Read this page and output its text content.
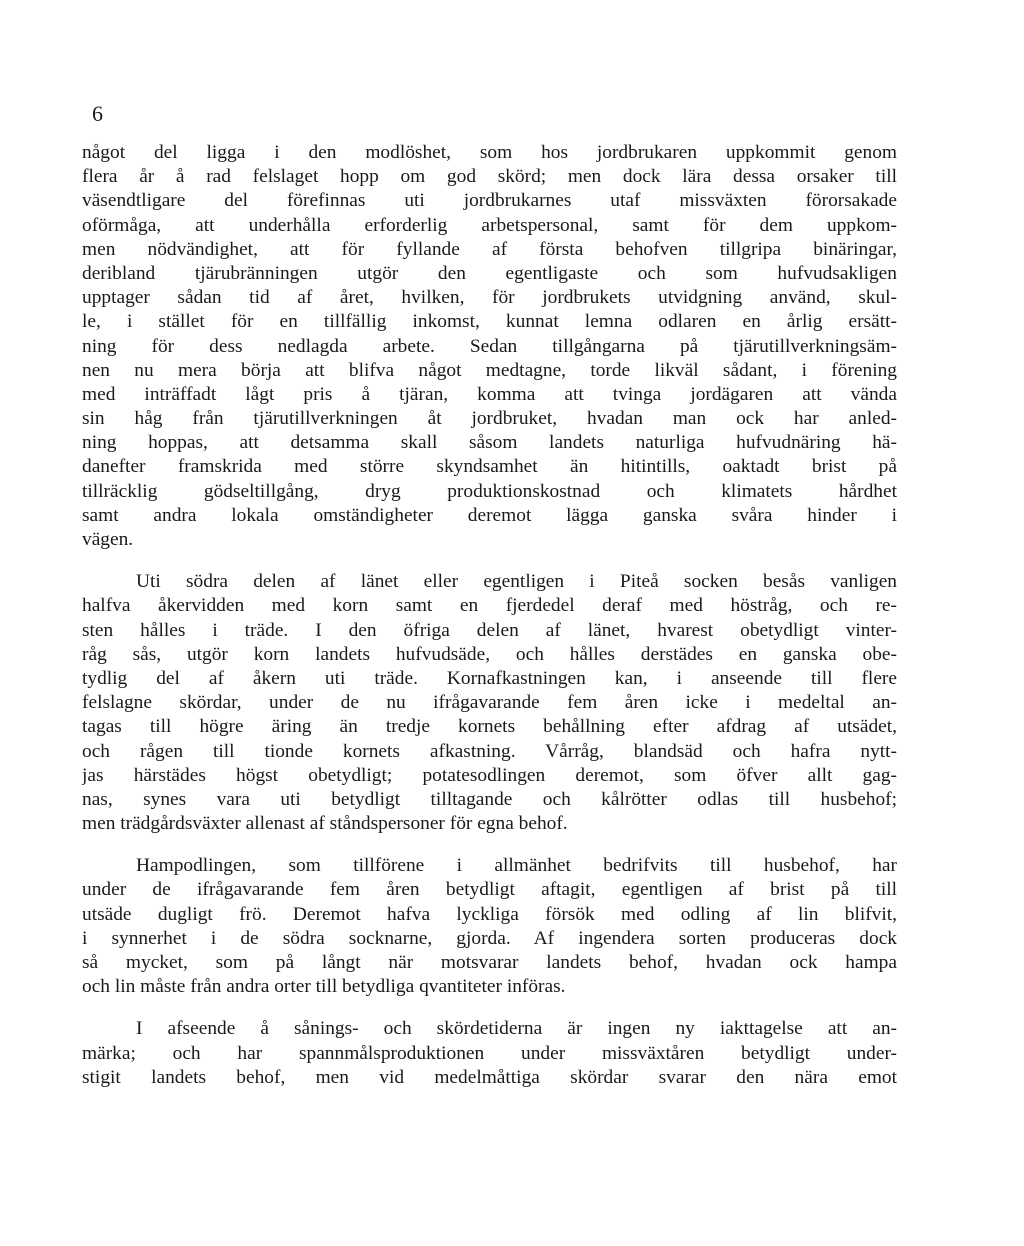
6
något del ligga i den modlöshet, som hos jordbrukaren uppkommit genom
flera år å rad felslaget hopp om god skörd; men dock lära dessa orsaker till
väsendtligare del förefinnas uti jordbrukarnes utaf missväxten förorsakade
oförmåga, att underhålla erforderlig arbetspersonal, samt för dem uppkom-
men nödvändighet, att för fyllande af första behofven tillgripa binäringar,
deribland tjärubränningen utgör den egentligaste och som hufvudsakligen
upptager sådan tid af året, hvilken, för jordbrukets utvidgning använd, skul-
le, i stället för en tillfällig inkomst, kunnat lemna odlaren en årlig ersätt-
ning för dess nedlagda arbete. Sedan tillgångarna på tjärutillverkningsäm-
nen nu mera börja att blifva något medtagne, torde likväl sådant, i förening
med inträffadt lågt pris å tjäran, komma att tvinga jordägaren att vända
sin håg från tjärutillverkningen åt jordbruket, hvadan man ock har anled-
ning hoppas, att detsamma skall såsom landets naturliga hufvudnäring hä-
danefter framskrida med större skyndsamhet än hitintills, oaktadt brist på
tillräcklig gödseltillgång, dryg produktionskostnad och klimatets hårdhet
samt andra lokala omständigheter deremot lägga ganska svåra hinder i
vägen.
Uti södra delen af länet eller egentligen i Piteå socken besås vanligen
halfva åkervidden med korn samt en fjerdedel deraf med höstråg, och re-
sten hålles i träde. I den öfriga delen af länet, hvarest obetydligt vinter-
råg sås, utgör korn landets hufvudsäde, och hålles derstädes en ganska obe-
tydlig del af åkern uti träde. Kornafkastningen kan, i anseende till flere
felslagne skördar, under de nu ifrågavarande fem åren icke i medeltal an-
tagas till högre äring än tredje kornets behållning efter afdrag af utsädet,
och rågen till tionde kornets afkastning. Vårråg, blandsäd och hafra nytt-
jas härstädes högst obetydligt; potatesodlingen deremot, som öfver allt gag-
nas, synes vara uti betydligt tilltagande och kålrötter odlas till husbehof;
men trädgårdsväxter allenast af ståndspersoner för egna behof.
Hampodlingen, som tillförene i allmänhet bedrifvits till husbehof, har
under de ifrågavarande fem åren betydligt aftagit, egentligen af brist på till
utsäde dugligt frö. Deremot hafva lyckliga försök med odling af lin blifvit,
i synnerhet i de södra socknarne, gjorda. Af ingendera sorten produceras dock
så mycket, som på långt när motsvarar landets behof, hvadan ock hampa
och lin måste från andra orter till betydliga qvantiteter införas.
I afseende å sånings- och skördetiderna är ingen ny iakttagelse att an-
märka; och har spannmålsproduktionen under missväxtåren betydligt under-
stigit landets behof, men vid medelmåttiga skördar svarar den nära emot
